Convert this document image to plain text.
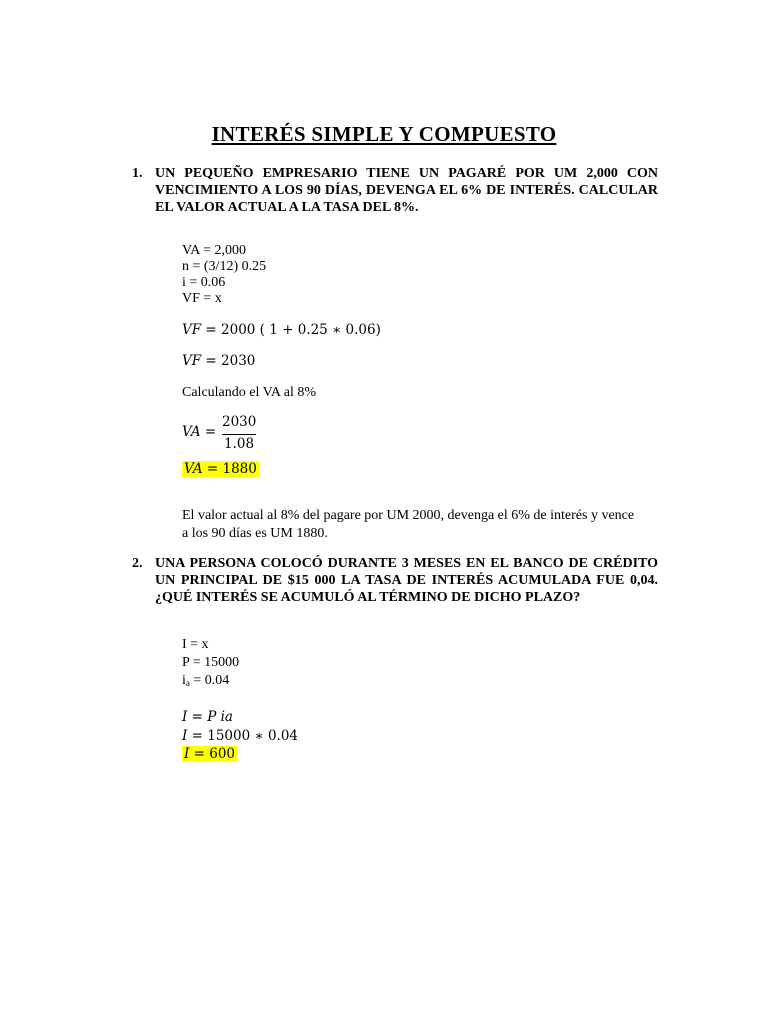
INTERÉS SIMPLE Y COMPUESTO
1. UN PEQUEÑO EMPRESARIO TIENE UN PAGARÉ POR UM 2,000 CON VENCIMIENTO A LOS 90 DÍAS, DEVENGA EL 6% DE INTERÉS. CALCULAR EL VALOR ACTUAL A LA TASA DEL 8%.
VA = 2,000
n = (3/12) 0.25
i = 0.06
VF = x
VF = 2000 ( 1 + 0.25 ∗ 0.06)
VF = 2030
Calculando el VA al 8%
VA =
2030
1.08
VA = 1880
El valor actual al 8% del pagare por UM 2000, devenga el 6% de interés y vence a los 90 días es UM 1880.
2. UNA PERSONA COLOCÓ DURANTE 3 MESES EN EL BANCO DE CRÉDITO UN PRINCIPAL DE $15 000 LA TASA DE INTERÉS ACUMULADA FUE 0,04. ¿QUÉ INTERÉS SE ACUMULÓ AL TÉRMINO DE DICHO PLAZO?
I = x
P = 15000
$i_a = 0.04$
I = P ia
I = 15000 ∗ 0.04
I = 600
